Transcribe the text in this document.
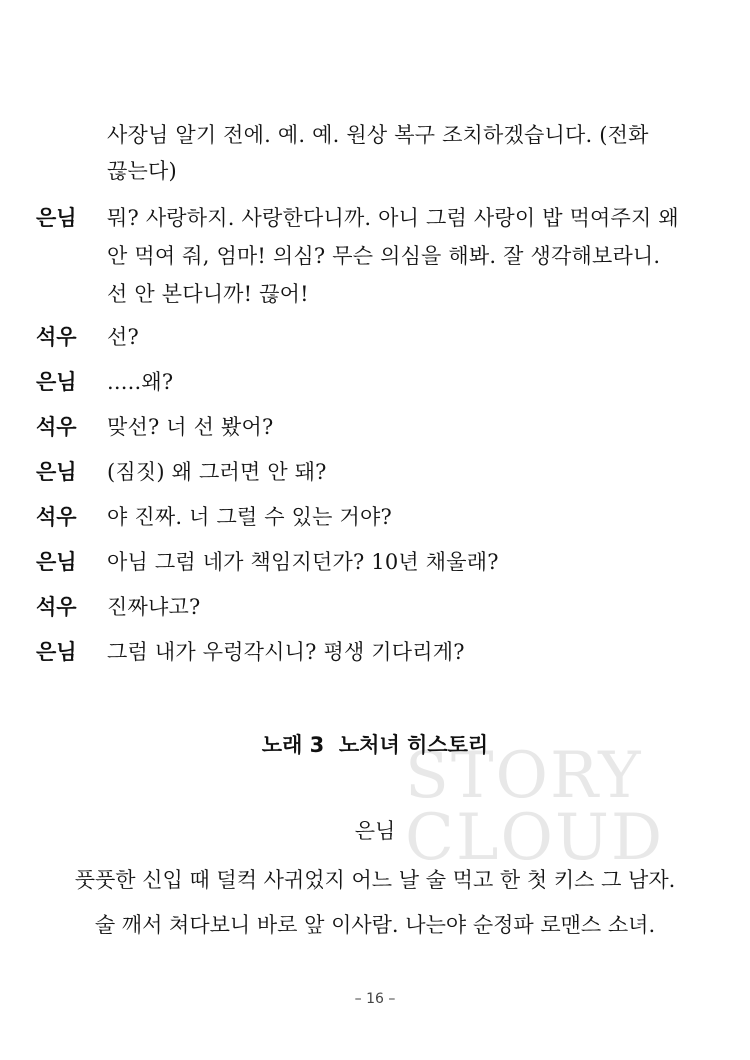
사장님 알기 전에. 예. 예. 원상 복구 조치하겠습니다. (전화
끊는다)
은님 뭐? 사랑하지. 사랑한다니까. 아니 그럼 사랑이 밥 먹여주지 왜
안 먹여 줘, 엄마! 의심? 무슨 의심을 해봐. 잘 생각해보라니.
선 안 본다니까! 끊어!
석우 선?
은님 .....왜?
석우 맞선? 너 선 봤어?
은님 (짐짓) 왜 그러면 안 돼?
석우 야 진짜. 너 그럴 수 있는 거야?
은님 아님 그럼 네가 책임지던가? 10년 채울래?
석우 진짜냐고?
은님 그럼 내가 우렁각시니? 평생 기다리게?
STORY
CLOUD
노래 3  노처녀 히스토리
은님
풋풋한 신입 때 덜컥 사귀었지 어느 날 술 먹고 한 첫 키스 그 남자.
술 깨서 쳐다보니 바로 앞 이사람. 나는야 순정파 로맨스 소녀.
– 16 –
